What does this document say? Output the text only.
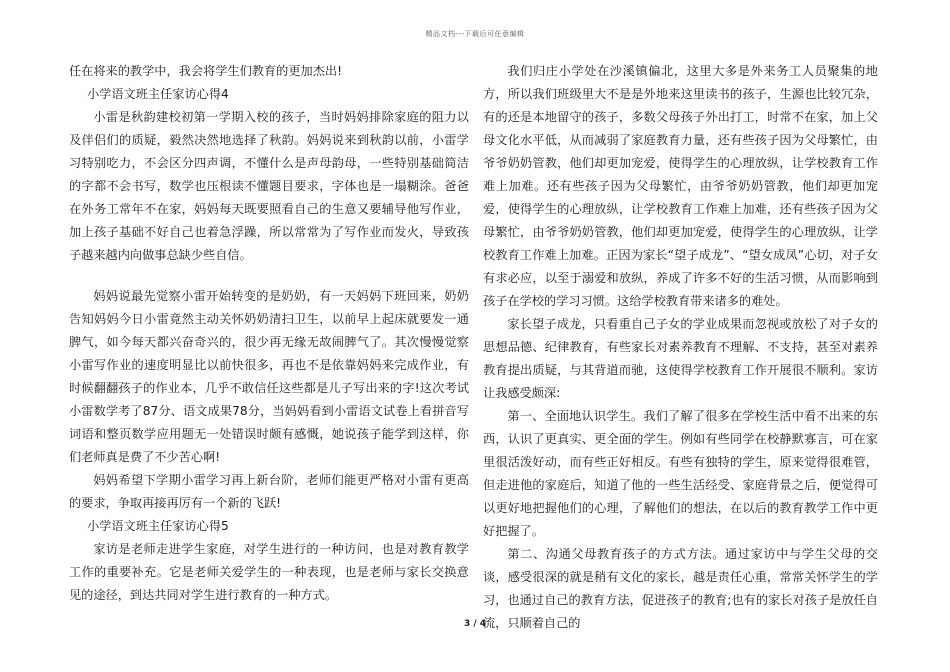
精品文档---下载后可任意编辑

任在将来的教学中，我会将学生们教育的更加杰出!

小学语文班主任家访心得4

小雷是秋韵建校初第一学期入校的孩子，当时妈妈排除家庭的阻力以及伴侣们的质疑，毅然决然地选择了秋韵。妈妈说来到秋韵以前，小雷学习特别吃力，不会区分四声调，不懂什么是声母韵母，一些特别基础简洁的字都不会书写，数学也压根读不懂题目要求，字体也是一塌糊涂。爸爸在外务工常年不在家，妈妈每天既要照看自己的生意又要辅导他写作业，加上孩子基础不好自己也着急浮躁，所以常常为了写作业而发火，导致孩子越来越内向做事总缺少些自信。

妈妈说最先觉察小雷开始转变的是奶奶，有一天妈妈下班回来，奶奶告知妈妈今日小雷竟然主动关怀奶奶清扫卫生，以前早上起床就要发一通脾气，如今每天都兴奋奇兴的，很少再无缘无故闹脾气了。其次慢慢觉察小雷写作业的速度明显比以前快很多，再也不是依靠妈妈来完成作业，有时候翻翻孩子的作业本，几乎不敢信任这些都是儿子写出来的字!这次考试小雷数学考了87分、语文成果78分，当妈妈看到小雷语文试卷上看拼音写词语和整页数学应用题无一处错误时颇有感慨，她说孩子能学到这样，你们老师真是费了不少苦心啊!

妈妈希望下学期小雷学习再上新台阶，老师们能更严格对小雷有更高的要求，争取再接再厉有一个新的飞跃!

小学语文班主任家访心得5

家访是老师走进学生家庭，对学生进行的一种访问，也是对教育教学工作的重要补充。它是老师关爱学生的一种表现，也是老师与家长交换意见的途径，到达共同对学生进行教育的一种方式。

我们归庄小学处在沙溪镇偏北，这里大多是外来务工人员聚集的地方，所以我们班级里大不是是外地来这里读书的孩子，生源也比较冗杂，有的还是本地留守的孩子，多数父母孩子外出打工，时常不在家，加上父母文化水平低，从而减弱了家庭教育力量，还有些孩子因为父母繁忙，由爷爷奶奶管教，他们却更加宠爱，使得学生的心理放纵，让学校教育工作难上加难。还有些孩子因为父母繁忙，由爷爷奶奶管教，他们却更加宠爱，使得学生的心理放纵，让学校教育工作难上加难，还有些孩子因为父母繁忙，由爷爷奶奶管教，他们却更加宠爱，使得学生的心理放纵，让学校教育工作难上加难。正因为家长“望子成龙”、“望女成凤”心切，对子女有求必应，以至于溺爱和放纵，养成了许多不好的生活习惯，从而影响到孩子在学校的学习习惯。这给学校教育带来诸多的难处。

家长望子成龙，只看重自己子女的学业成果而忽视或放松了对子女的思想品德、纪律教育，有些家长对素养教育不理解、不支持，甚至对素养教育提出质疑，与其背道而驰，这使得学校教育工作开展很不顺利。家访让我感受颇深:

第一、全面地认识学生。我们了解了很多在学校生活中看不出来的东西，认识了更真实、更全面的学生。例如有些同学在校静默寡言，可在家里很活泼好动，而有些正好相反。有些有独特的学生，原来觉得很难管，但走进他的家庭后，知道了他的一些生活经受、家庭背景之后，便觉得可以更好地把握他们的心理，了解他们的想法，在以后的教育教学工作中更好把握了。

第二、沟通父母教育孩子的方式方法。通过家访中与学生父母的交谈，感受很深的就是稍有文化的家长，越是责任心重，常常关怀学生的学习，也通过自己的教育方法，促进孩子的教育;也有的家长对孩子是放任自流，只顺着自己的

3 / 4
